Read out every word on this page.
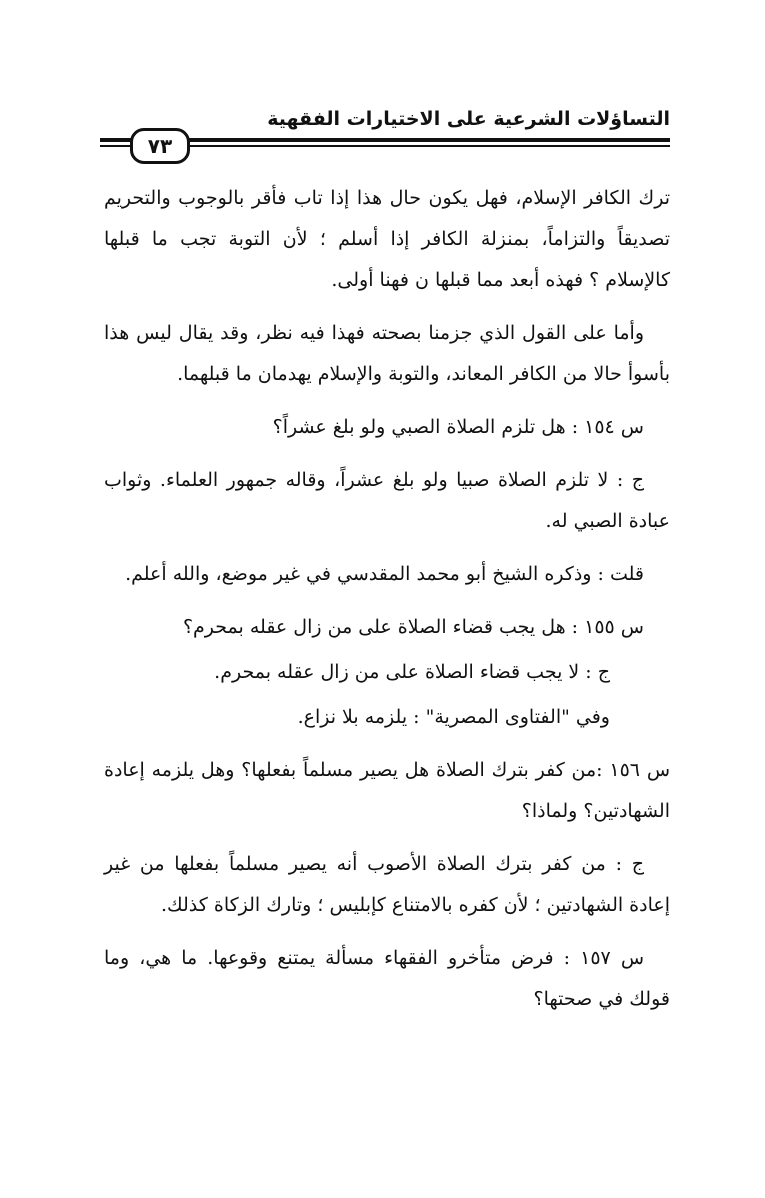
التساؤلات الشرعية على الاختيارات الفقهية
٧٣

ترك الكافر الإسلام، فهل يكون حال هذا إذا تاب فأقر بالوجوب والتحريم تصديقاً والتزاماً، بمنزلة الكافر إذا أسلم ؛ لأن التوبة تجب ما قبلها كالإسلام ؟ فهذه أبعد مما قبلها ن فهنا أولى.

وأما على القول الذي جزمنا بصحته فهذا فيه نظر، وقد يقال ليس هذا بأسوأ حالا من الكافر المعاند، والتوبة والإسلام يهدمان ما قبلهما.

س ١٥٤ : هل تلزم الصلاة الصبي ولو بلغ عشراً؟

ج : لا تلزم الصلاة صبيا ولو بلغ عشراً، وقاله جمهور العلماء. وثواب عبادة الصبي له.

قلت : وذكره الشيخ أبو محمد المقدسي في غير موضع، والله أعلم.

س ١٥٥ : هل يجب قضاء الصلاة على من زال عقله بمحرم؟

ج : لا يجب قضاء الصلاة على من زال عقله بمحرم.

وفي "الفتاوى المصرية" : يلزمه بلا نزاع.

س ١٥٦ :من كفر بترك الصلاة هل يصير مسلماً بفعلها؟ وهل يلزمه إعادة الشهادتين؟ ولماذا؟

ج : من كفر بترك الصلاة الأصوب أنه يصير مسلماً بفعلها من غير إعادة الشهادتين ؛ لأن كفره بالامتناع كإبليس ؛ وتارك الزكاة كذلك.

س ١٥٧ : فرض متأخرو الفقهاء مسألة يمتنع وقوعها. ما هي، وما قولك في صحتها؟
